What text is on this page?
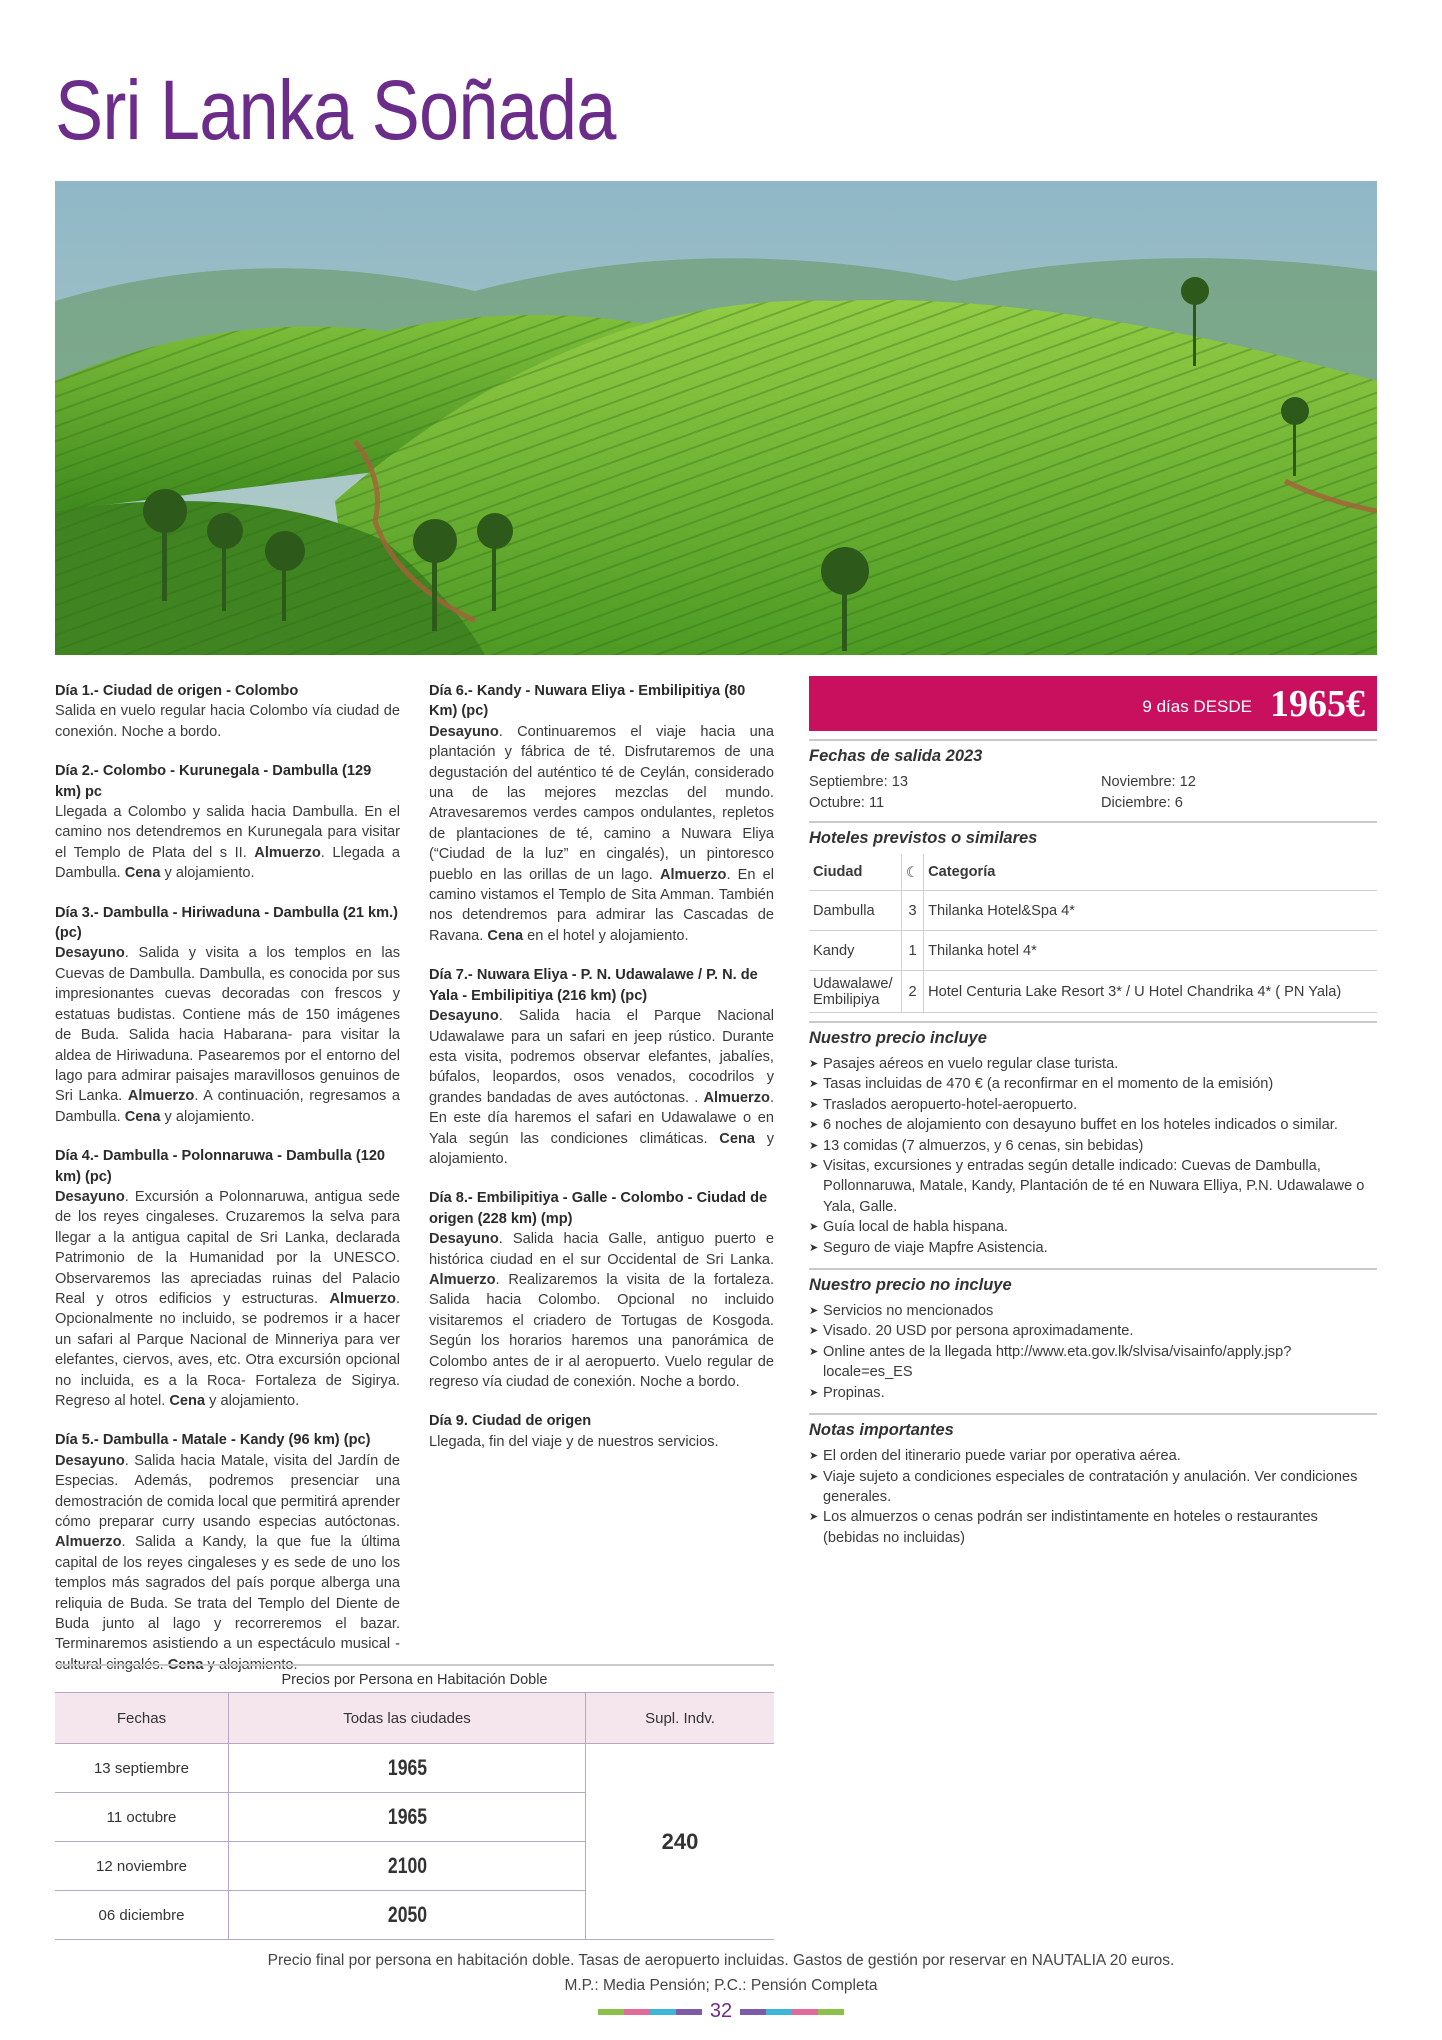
Sri Lanka Soñada
Día 1.- Ciudad de origen - Colombo
Salida en vuelo regular hacia Colombo vía ciudad de conexión. Noche a bordo.
Día 2.- Colombo - Kurunegala - Dambulla (129 km) pc
Llegada a Colombo y salida hacia Dambulla. En el camino nos detendremos en Kurunegala para visitar el Templo de Plata del s II. Almuerzo. Llegada a Dambulla. Cena y alojamiento.
Día 3.- Dambulla - Hiriwaduna - Dambulla (21 km.) (pc)
Desayuno. Salida y visita a los templos en las Cuevas de Dambulla. Dambulla, es conocida por sus impresionantes cuevas decoradas con frescos y estatuas budistas. Contiene más de 150 imágenes de Buda. Salida hacia Habarana- para visitar la aldea de Hiriwaduna. Pasearemos por el entorno del lago para admirar paisajes maravillosos genuinos de Sri Lanka. Almuerzo. A continuación, regresamos a Dambulla. Cena y alojamiento.
Día 4.- Dambulla - Polonnaruwa - Dambulla (120 km) (pc)
Desayuno. Excursión a Polonnaruwa, antigua sede de los reyes cingaleses. Cruzaremos la selva para llegar a la antigua capital de Sri Lanka, declarada Patrimonio de la Humanidad por la UNESCO. Observaremos las apreciadas ruinas del Palacio Real y otros edificios y estructuras. Almuerzo. Opcionalmente no incluido, se podremos ir a hacer un safari al Parque Nacional de Minneriya para ver elefantes, ciervos, aves, etc. Otra excursión opcional no incluida, es a la Roca- Fortaleza de Sigirya. Regreso al hotel. Cena y alojamiento.
Día 5.- Dambulla - Matale - Kandy (96 km) (pc)
Desayuno. Salida hacia Matale, visita del Jardín de Especias. Además, podremos presenciar una demostración de comida local que permitirá aprender cómo preparar curry usando especias autóctonas. Almuerzo. Salida a Kandy, la que fue la última capital de los reyes cingaleses y es sede de uno los templos más sagrados del país porque alberga una reliquia de Buda. Se trata del Templo del Diente de Buda junto al lago y recorreremos el bazar. Terminaremos asistiendo a un espectáculo musical - cultural cingalés. Cena y alojamiento.
Día 6.- Kandy - Nuwara Eliya - Embilipitiya (80 Km) (pc)
Desayuno. Continuaremos el viaje hacia una plantación y fábrica de té. Disfrutaremos de una degustación del auténtico té de Ceylán, considerado una de las mejores mezclas del mundo. Atravesaremos verdes campos ondulantes, repletos de plantaciones de té, camino a Nuwara Eliya (“Ciudad de la luz” en cingalés), un pintoresco pueblo en las orillas de un lago. Almuerzo. En el camino vistamos el Templo de Sita Amman. También nos detendremos para admirar las Cascadas de Ravana. Cena en el hotel y alojamiento.
Día 7.- Nuwara Eliya - P. N. Udawalawe / P. N. de Yala - Embilipitiya (216 km) (pc)
Desayuno. Salida hacia el Parque Nacional Udawalawe para un safari en jeep rústico. Durante esta visita, podremos observar elefantes, jabalíes, búfalos, leopardos, osos venados, cocodrilos y grandes bandadas de aves autóctonas. . Almuerzo. En este día haremos el safari en Udawalawe o en Yala según las condiciones climáticas. Cena y alojamiento.
Día 8.- Embilipitiya - Galle - Colombo - Ciudad de origen (228 km) (mp)
Desayuno. Salida hacia Galle, antiguo puerto e histórica ciudad en el sur Occidental de Sri Lanka. Almuerzo. Realizaremos la visita de la fortaleza. Salida hacia Colombo. Opcional no incluido visitaremos el criadero de Tortugas de Kosgoda. Según los horarios haremos una panorámica de Colombo antes de ir al aeropuerto. Vuelo regular de regreso vía ciudad de conexión. Noche a bordo.
Día 9. Ciudad de origen
Llegada, fin del viaje y de nuestros servicios.
9 días DESDE 1965€
Fechas de salida 2023
Septiembre: 13	Noviembre: 12
Octubre: 11	Diciembre: 6
Hoteles previstos o similares
Ciudad	☾	Categoría
Dambulla	3	Thilanka Hotel&Spa 4*
Kandy	1	Thilanka hotel 4*
Udawalawe/ Embilipiya	2	Hotel Centuria Lake Resort 3* / U Hotel Chandrika 4* ( PN Yala)
Nuestro precio incluye
➤ Pasajes aéreos en vuelo regular clase turista.
➤ Tasas incluidas de 470 € (a reconfirmar en el momento de la emisión)
➤ Traslados aeropuerto-hotel-aeropuerto.
➤ 6 noches de alojamiento con desayuno buffet en los hoteles indicados o similar.
➤ 13 comidas (7 almuerzos, y 6 cenas, sin bebidas)
➤ Visitas, excursiones y entradas según detalle indicado: Cuevas de Dambulla, Pollonnaruwa, Matale, Kandy, Plantación de té en Nuwara Elliya, P.N. Udawalawe o Yala, Galle.
➤ Guía local de habla hispana.
➤ Seguro de viaje Mapfre Asistencia.
Nuestro precio no incluye
➤ Servicios no mencionados
➤ Visado. 20 USD por persona aproximadamente.
➤ Online antes de la llegada http://www.eta.gov.lk/slvisa/visainfo/apply.jsp?locale=es_ES
➤ Propinas.
Notas importantes
➤ El orden del itinerario puede variar por operativa aérea.
➤ Viaje sujeto a condiciones especiales de contratación y anulación. Ver condiciones generales.
➤ Los almuerzos o cenas podrán ser indistintamente en hoteles o restaurantes (bebidas no incluidas)
Precios por Persona en Habitación Doble
Fechas	Todas las ciudades	Supl. Indv.
13 septiembre	1965	240
11 octubre	1965	
12 noviembre	2100	
06 diciembre	2050	
Precio final por persona en habitación doble. Tasas de aeropuerto incluidas. Gastos de gestión por reservar en NAUTALIA 20 euros.
M.P.: Media Pensión; P.C.: Pensión Completa
32
